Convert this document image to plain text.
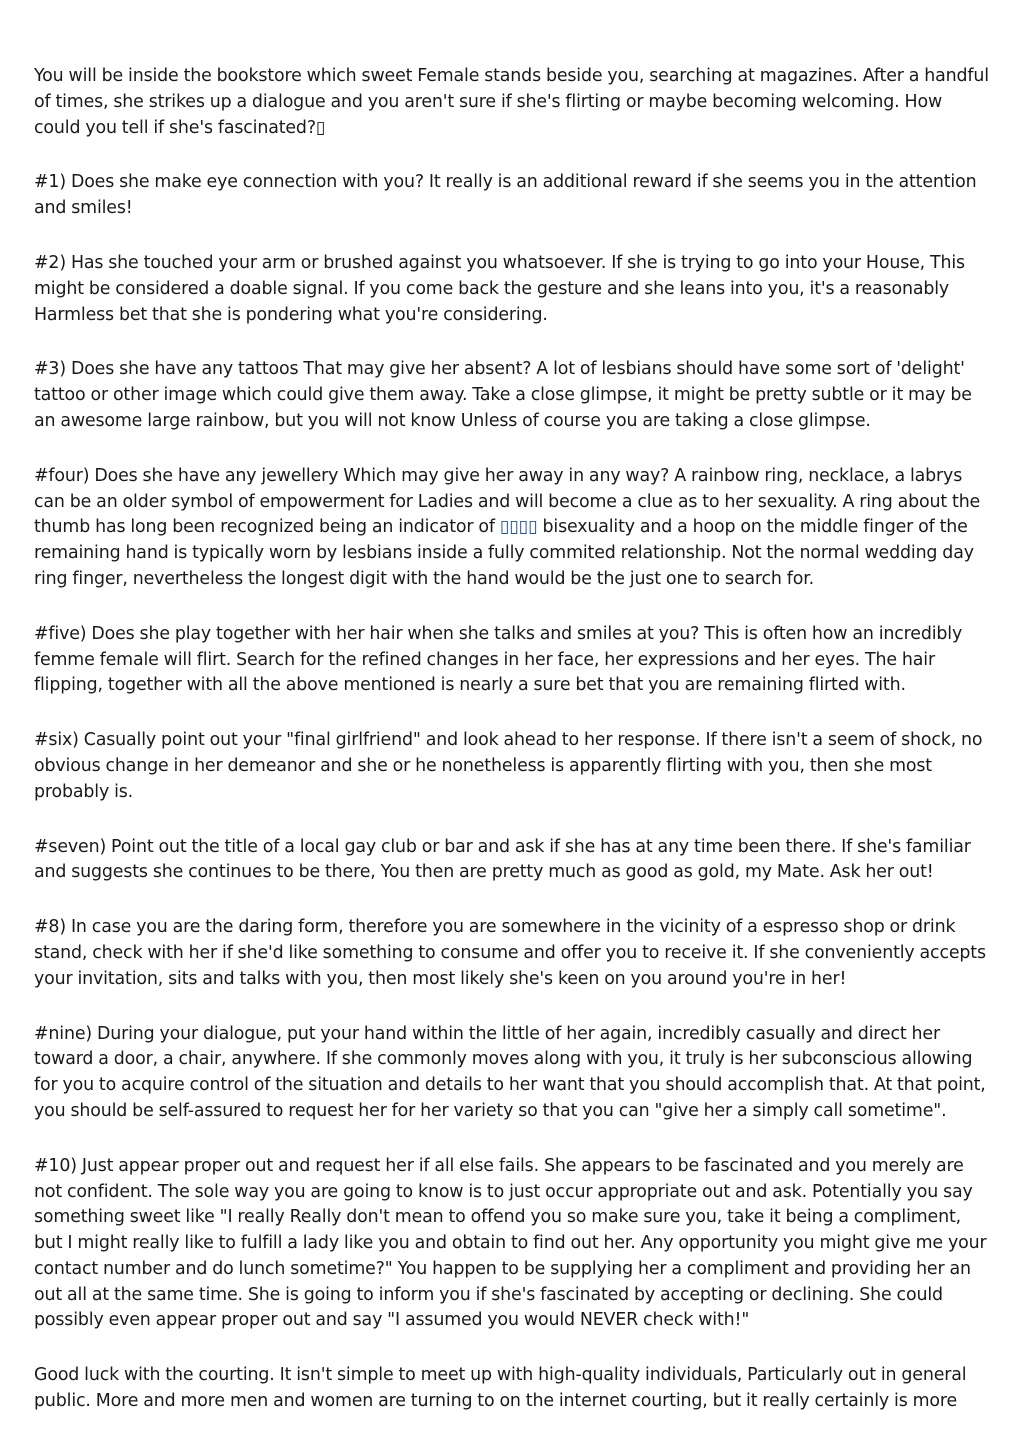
You will be inside the bookstore which sweet Female stands beside you, searching at magazines. After a handful of times, she strikes up a dialogue and you aren't sure if she's flirting or maybe becoming welcoming. How could you tell if she's fascinated?▯

#1) Does she make eye connection with you? It really is an additional reward if she seems you in the attention and smiles!

#2) Has she touched your arm or brushed against you whatsoever. If she is trying to go into your House, This might be considered a doable signal. If you come back the gesture and she leans into you, it's a reasonably Harmless bet that she is pondering what you're considering.

#3) Does she have any tattoos That may give her absent? A lot of lesbians should have some sort of 'delight' tattoo or other image which could give them away. Take a close glimpse, it might be pretty subtle or it may be an awesome large rainbow, but you will not know Unless of course you are taking a close glimpse.

#four) Does she have any jewellery Which may give her away in any way? A rainbow ring, necklace, a labrys can be an older symbol of empowerment for Ladies and will become a clue as to her sexuality. A ring about the thumb has long been recognized being an indicator of ▯▯▯▯ bisexuality and a hoop on the middle finger of the remaining hand is typically worn by lesbians inside a fully commited relationship. Not the normal wedding day ring finger, nevertheless the longest digit with the hand would be the just one to search for.

#five) Does she play together with her hair when she talks and smiles at you? This is often how an incredibly femme female will flirt. Search for the refined changes in her face, her expressions and her eyes. The hair flipping, together with all the above mentioned is nearly a sure bet that you are remaining flirted with.

#six) Casually point out your "final girlfriend" and look ahead to her response. If there isn't a seem of shock, no obvious change in her demeanor and she or he nonetheless is apparently flirting with you, then she most probably is.

#seven) Point out the title of a local gay club or bar and ask if she has at any time been there. If she's familiar and suggests she continues to be there, You then are pretty much as good as gold, my Mate. Ask her out!

#8) In case you are the daring form, therefore you are somewhere in the vicinity of a espresso shop or drink stand, check with her if she'd like something to consume and offer you to receive it. If she conveniently accepts your invitation, sits and talks with you, then most likely she's keen on you around you're in her!

#nine) During your dialogue, put your hand within the little of her again, incredibly casually and direct her toward a door, a chair, anywhere. If she commonly moves along with you, it truly is her subconscious allowing for you to acquire control of the situation and details to her want that you should accomplish that. At that point, you should be self-assured to request her for her variety so that you can "give her a simply call sometime".

#10) Just appear proper out and request her if all else fails. She appears to be fascinated and you merely are not confident. The sole way you are going to know is to just occur appropriate out and ask. Potentially you say something sweet like "I really Really don't mean to offend you so make sure you, take it being a compliment, but I might really like to fulfill a lady like you and obtain to find out her. Any opportunity you might give me your contact number and do lunch sometime?" You happen to be supplying her a compliment and providing her an out all at the same time. She is going to inform you if she's fascinated by accepting or declining. She could possibly even appear proper out and say "I assumed you would NEVER check with!"

Good luck with the courting. It isn't simple to meet up with high-quality individuals, Particularly out in general public. More and more men and women are turning to on the internet courting, but it really certainly is more
